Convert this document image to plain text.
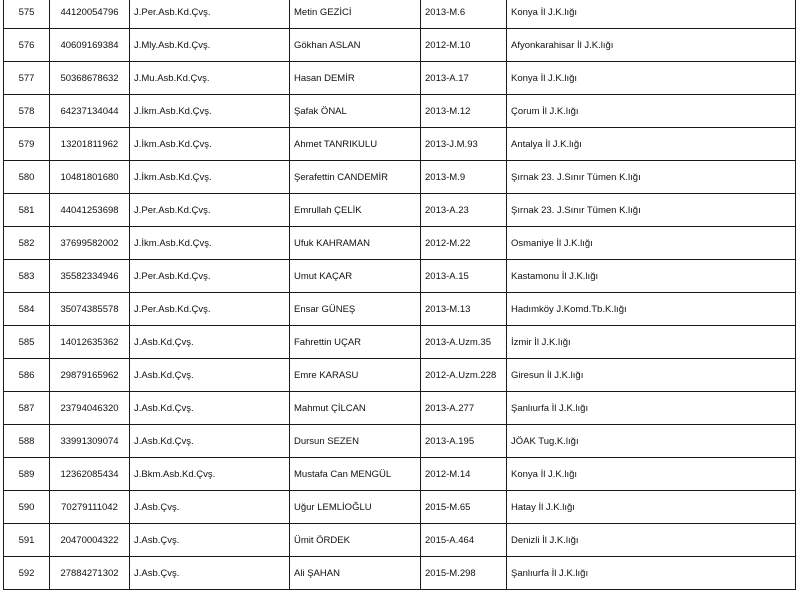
575	44120054796	J.Per.Asb.Kd.Çvş.	Metin GEZİCİ	2013-M.6	Konya İl J.K.lığı
576	40609169384	J.Mly.Asb.Kd.Çvş.	Gökhan ASLAN	2012-M.10	Afyonkarahisar İl J.K.lığı
577	50368678632	J.Mu.Asb.Kd.Çvş.	Hasan DEMİR	2013-A.17	Konya İl J.K.lığı
578	64237134044	J.İkm.Asb.Kd.Çvş.	Şafak ÖNAL	2013-M.12	Çorum İl J.K.lığı
579	13201811962	J.İkm.Asb.Kd.Çvş.	Ahmet TANRIKULU	2013-J.M.93	Antalya İl J.K.lığı
580	10481801680	J.İkm.Asb.Kd.Çvş.	Şerafettin CANDEMİR	2013-M.9	Şırnak 23. J.Sınır Tümen K.lığı
581	44041253698	J.Per.Asb.Kd.Çvş.	Emrullah ÇELİK	2013-A.23	Şırnak 23. J.Sınır Tümen K.lığı
582	37699582002	J.İkm.Asb.Kd.Çvş.	Ufuk KAHRAMAN	2012-M.22	Osmaniye İl J.K.lığı
583	35582334946	J.Per.Asb.Kd.Çvş.	Umut KAÇAR	2013-A.15	Kastamonu İl J.K.lığı
584	35074385578	J.Per.Asb.Kd.Çvş.	Ensar GÜNEŞ	2013-M.13	Hadımköy J.Komd.Tb.K.lığı
585	14012635362	J.Asb.Kd.Çvş.	Fahrettin UÇAR	2013-A.Uzm.35	İzmir İl J.K.lığı
586	29879165962	J.Asb.Kd.Çvş.	Emre KARASU	2012-A.Uzm.228	Giresun İl J.K.lığı
587	23794046320	J.Asb.Kd.Çvş.	Mahmut ÇİLCAN	2013-A.277	Şanlıurfa İl J.K.lığı
588	33991309074	J.Asb.Kd.Çvş.	Dursun SEZEN	2013-A.195	JÖAK Tug.K.lığı
589	12362085434	J.Bkm.Asb.Kd.Çvş.	Mustafa Can MENGÜL	2012-M.14	Konya İl J.K.lığı
590	70279111042	J.Asb.Çvş.	Uğur LEMLİOĞLU	2015-M.65	Hatay İl J.K.lığı
591	20470004322	J.Asb.Çvş.	Ümit ÖRDEK	2015-A.464	Denizli İl J.K.lığı
592	27884271302	J.Asb.Çvş.	Ali ŞAHAN	2015-M.298	Şanlıurfa İl J.K.lığı
